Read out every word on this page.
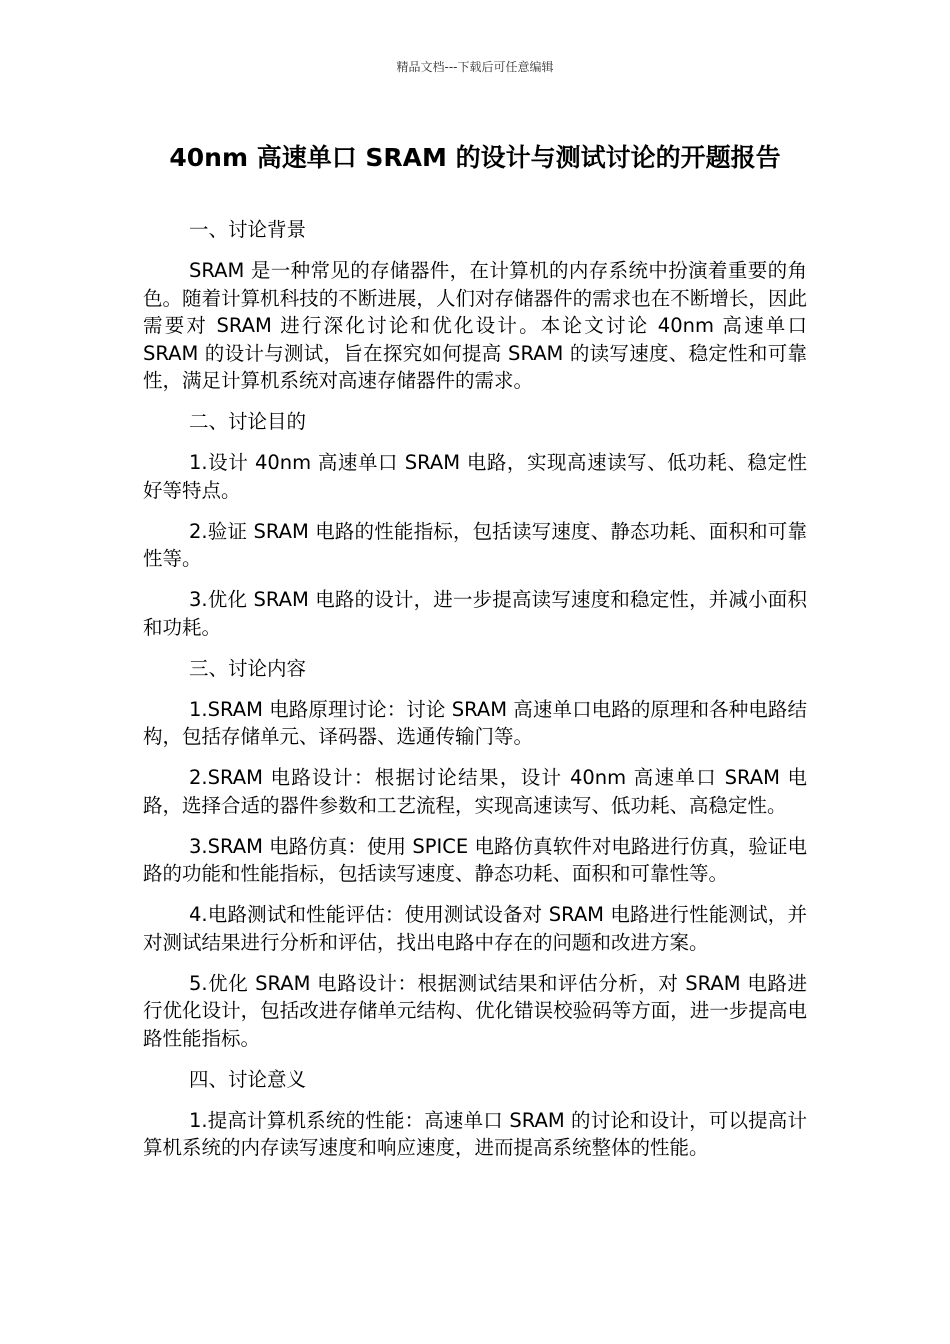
精品文档---下载后可任意编辑
40nm 高速单口 SRAM 的设计与测试讨论的开题报告
一、讨论背景

SRAM 是一种常见的存储器件，在计算机的内存系统中扮演着重要的角色。随着计算机科技的不断进展，人们对存储器件的需求也在不断增长，因此需要对 SRAM 进行深化讨论和优化设计。本论文讨论 40nm 高速单口 SRAM 的设计与测试，旨在探究如何提高 SRAM 的读写速度、稳定性和可靠性，满足计算机系统对高速存储器件的需求。

二、讨论目的

1.设计 40nm 高速单口 SRAM 电路，实现高速读写、低功耗、稳定性好等特点。

2.验证 SRAM 电路的性能指标，包括读写速度、静态功耗、面积和可靠性等。

3.优化 SRAM 电路的设计，进一步提高读写速度和稳定性，并减小面积和功耗。

三、讨论内容

1.SRAM 电路原理讨论：讨论 SRAM 高速单口电路的原理和各种电路结构，包括存储单元、译码器、选通传输门等。

2.SRAM 电路设计：根据讨论结果，设计 40nm 高速单口 SRAM 电路，选择合适的器件参数和工艺流程，实现高速读写、低功耗、高稳定性。

3.SRAM 电路仿真：使用 SPICE 电路仿真软件对电路进行仿真，验证电路的功能和性能指标，包括读写速度、静态功耗、面积和可靠性等。

4.电路测试和性能评估：使用测试设备对 SRAM 电路进行性能测试，并对测试结果进行分析和评估，找出电路中存在的问题和改进方案。

5.优化 SRAM 电路设计：根据测试结果和评估分析，对 SRAM 电路进行优化设计，包括改进存储单元结构、优化错误校验码等方面，进一步提高电路性能指标。

四、讨论意义

1.提高计算机系统的性能：高速单口 SRAM 的讨论和设计，可以提高计算机系统的内存读写速度和响应速度，进而提高系统整体的性能。
